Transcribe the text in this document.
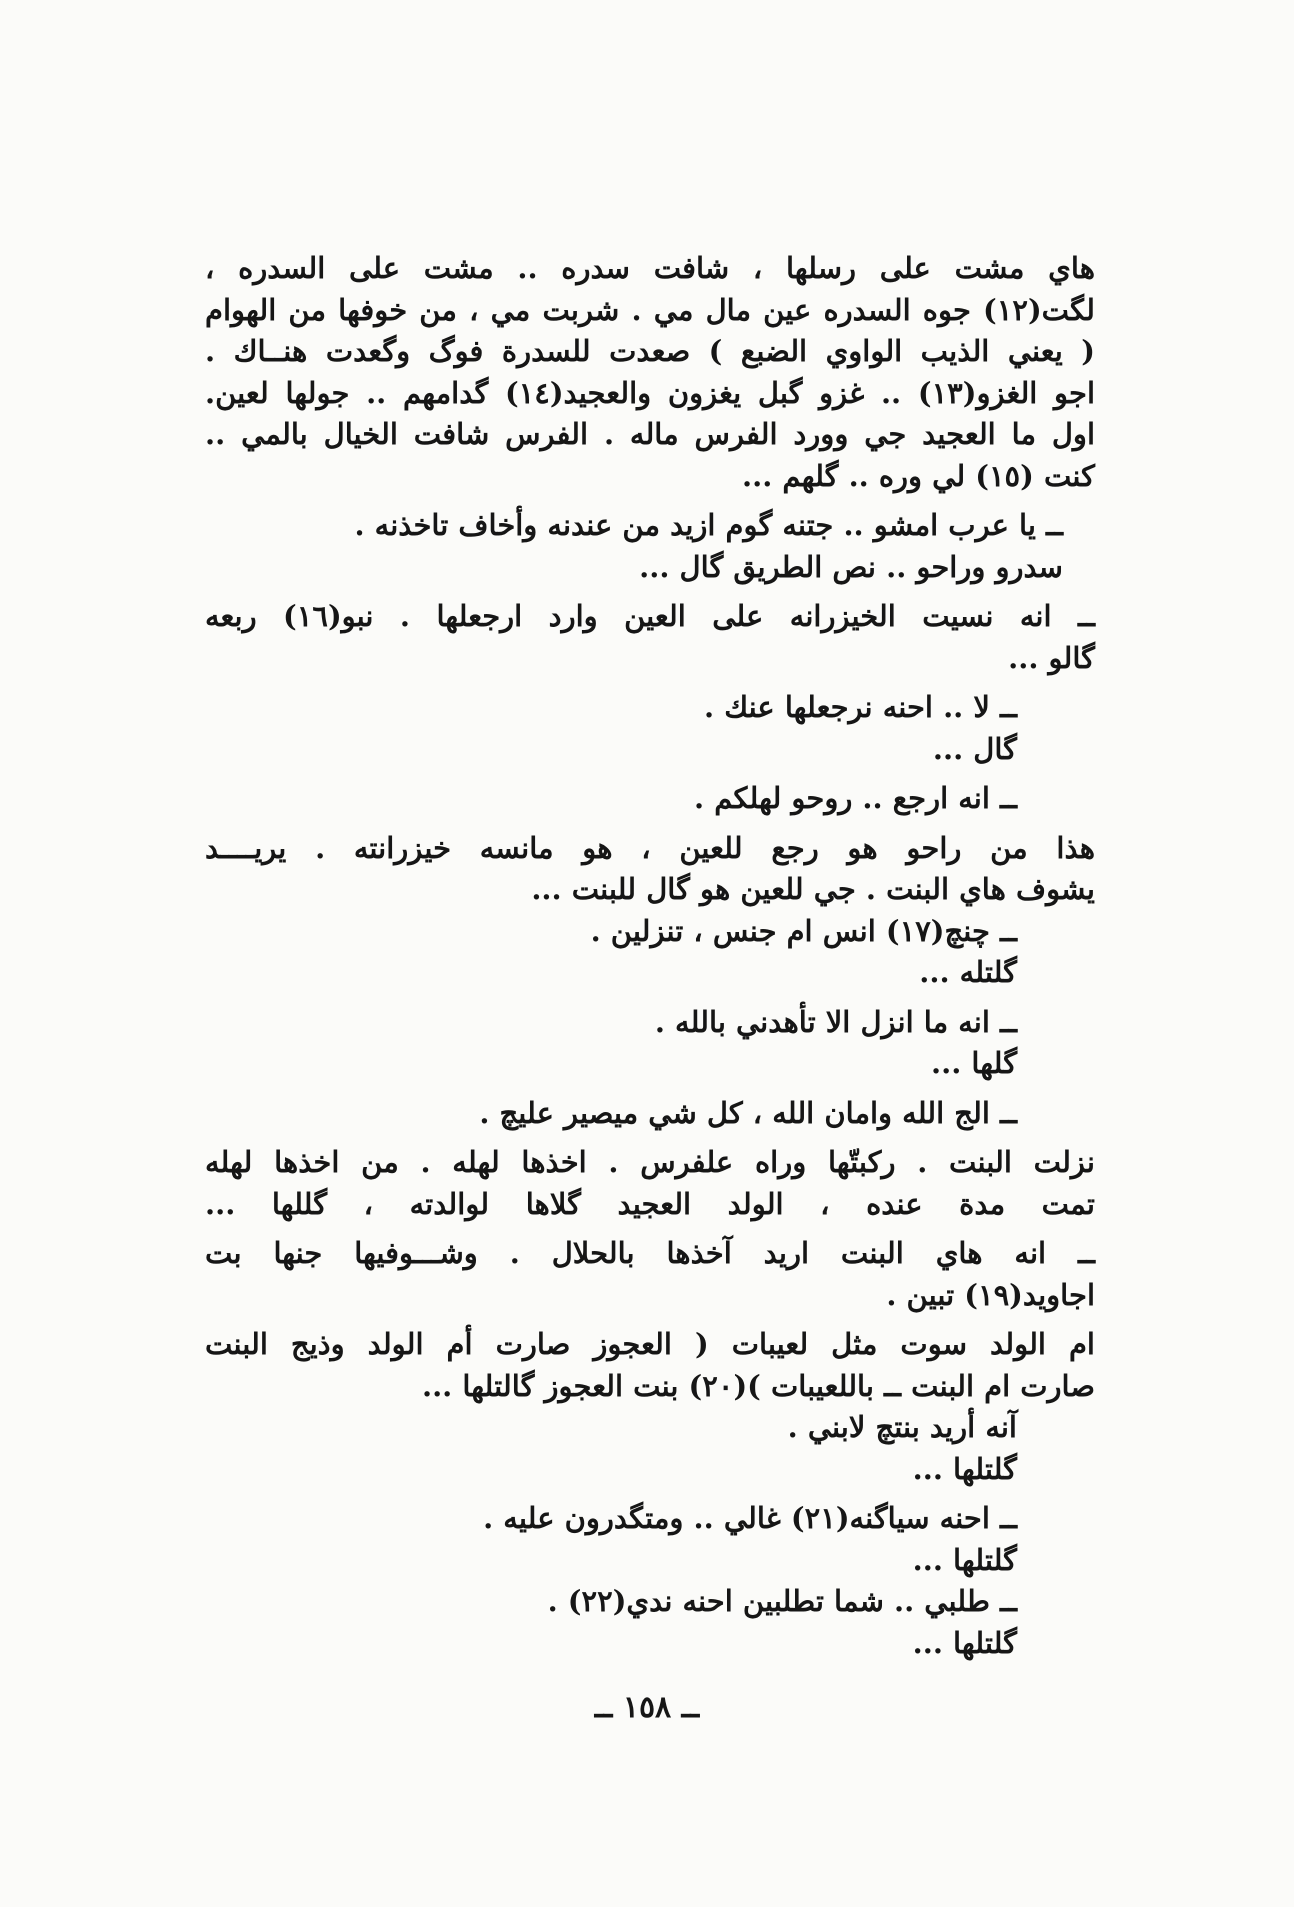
هاي مشت على رسلها ، شافت سدره .. مشت على السدره ،
لگت(١٢) جوه السدره عين مال مي . شربت مي ، من خوفها من الهوام
( يعني الذيب الواوي الضبع ) صعدت للسدرة فوگ وگعدت هنــاك .
اجو الغزو(١٣) .. غزو گبل يغزون والعجيد(١٤) گدامهم .. جولها لعين.
اول ما العجيد جي وورد الفرس ماله . الفرس شافت الخيال بالمي ..
كنت (١٥) لي وره .. گلهم ...
ــ يا عرب امشو .. جتنه گوم ازيد من عندنه وأخاف تاخذنه .
سدرو وراحو .. نص الطريق گال ...
ــ انه نسيت الخيزرانه على العين وارد ارجعلها . نبو(١٦) ربعه
گالو ...
ــ لا .. احنه نرجعلها عنك .
گال ...
ــ انه ارجع .. روحو لهلكم .
هذا من راحو هو رجع للعين ، هو مانسه خيزرانته . يريــــد
يشوف هاي البنت . جي للعين هو گال للبنت ...
ــ چنچ(١٧) انس ام جنس ، تنزلين .
گلتله ...
ــ انه ما انزل الا تأهدني بالله .
گلها ...
ــ الج الله وامان الله ، كل شي ميصير عليچ .
نزلت البنت . ركبتّها وراه علفرس . اخذها لهله . من اخذها لهله
تمت مدة عنده ، الولد العجيد گلاها لوالدته ، گللها ...
ــ انه هاي البنت اريد آخذها بالحلال . وشـــوفيها جنها بت
اجاويد(١٩) تبين .
ام الولد سوت مثل لعيبات ( العجوز صارت أم الولد وذيج البنت
صارت ام البنت ــ باللعيبات )(٢٠) بنت العجوز گالتلها ...
آنه أريد بنتچ لابني .
گلتلها ...
ــ احنه سياگنه(٢١) غالي .. ومتگدرون عليه .
گلتلها ...
ــ طلبي .. شما تطلبين احنه ندي(٢٢) .
گلتلها ...
ــ ١٥٨ ــ
